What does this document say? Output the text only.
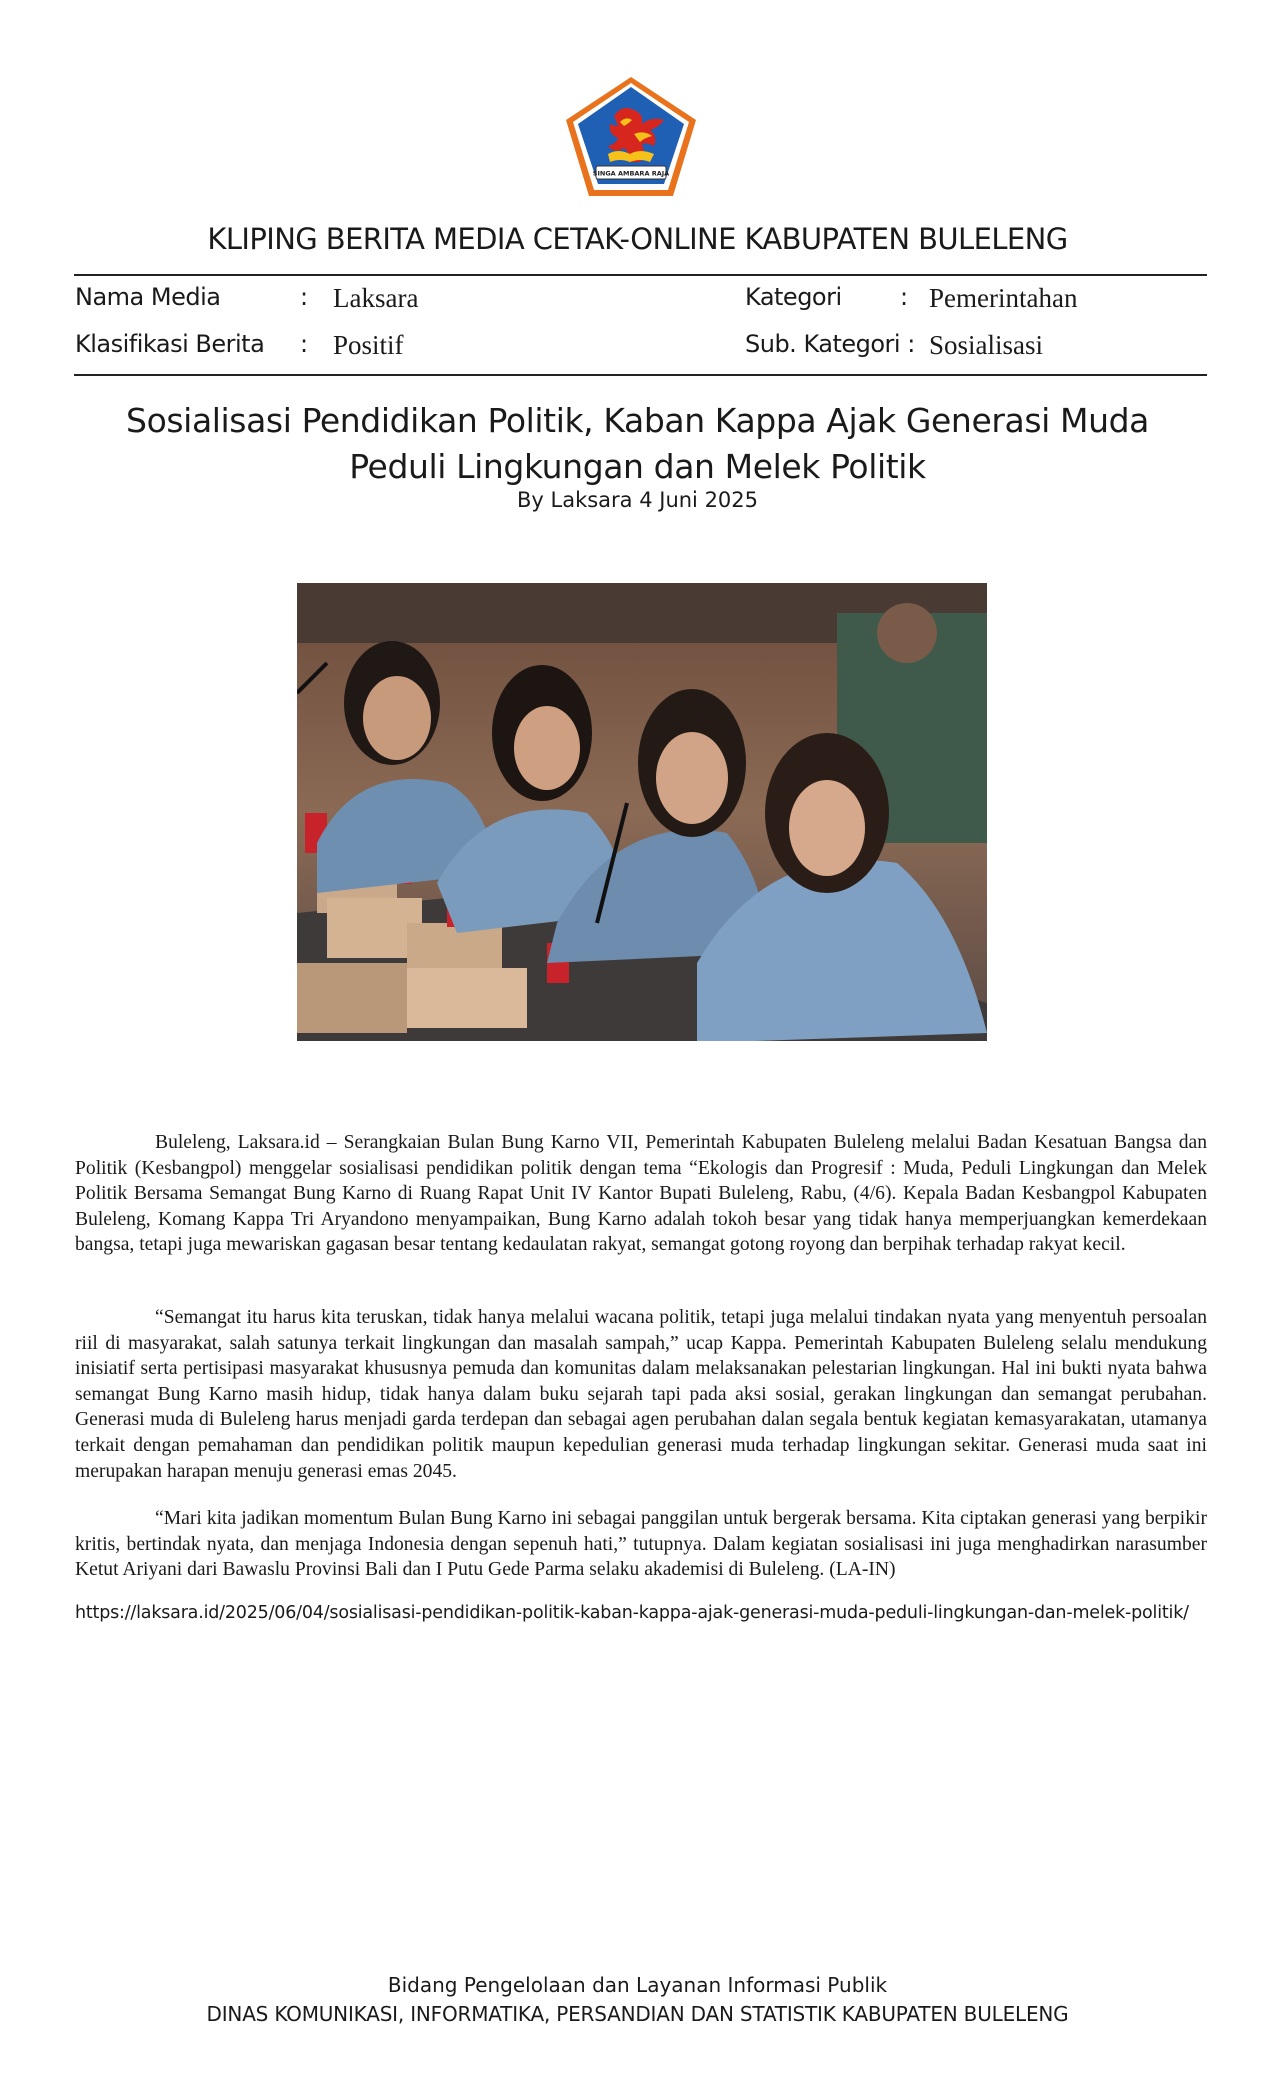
SINGA AMBARA RAJA
KLIPING BERITA MEDIA CETAK-ONLINE KABUPATEN BULELENG
Nama Media	: Laksara	Kategori : Pemerintahan
Klasifikasi Berita : Positif	Sub. Kategori : Sosialisasi
Sosialisasi Pendidikan Politik, Kaban Kappa Ajak Generasi Muda Peduli Lingkungan dan Melek Politik
By Laksara 4 Juni 2025
Buleleng, Laksara.id – Serangkaian Bulan Bung Karno VII, Pemerintah Kabupaten Buleleng melalui Badan Kesatuan Bangsa dan Politik (Kesbangpol) menggelar sosialisasi pendidikan politik dengan tema “Ekologis dan Progresif : Muda, Peduli Lingkungan dan Melek Politik Bersama Semangat Bung Karno di Ruang Rapat Unit IV Kantor Bupati Buleleng, Rabu, (4/6). Kepala Badan Kesbangpol Kabupaten Buleleng, Komang Kappa Tri Aryandono menyampaikan, Bung Karno adalah tokoh besar yang tidak hanya memperjuangkan kemerdekaan bangsa, tetapi juga mewariskan gagasan besar tentang kedaulatan rakyat, semangat gotong royong dan berpihak terhadap rakyat kecil.
“Semangat itu harus kita teruskan, tidak hanya melalui wacana politik, tetapi juga melalui tindakan nyata yang menyentuh persoalan riil di masyarakat, salah satunya terkait lingkungan dan masalah sampah,” ucap Kappa. Pemerintah Kabupaten Buleleng selalu mendukung inisiatif serta pertisipasi masyarakat khususnya pemuda dan komunitas dalam melaksanakan pelestarian lingkungan. Hal ini bukti nyata bahwa semangat Bung Karno masih hidup, tidak hanya dalam buku sejarah tapi pada aksi sosial, gerakan lingkungan dan semangat perubahan. Generasi muda di Buleleng harus menjadi garda terdepan dan sebagai agen perubahan dalan segala bentuk kegiatan kemasyarakatan, utamanya terkait dengan pemahaman dan pendidikan politik maupun kepedulian generasi muda terhadap lingkungan sekitar. Generasi muda saat ini merupakan harapan menuju generasi emas 2045.
“Mari kita jadikan momentum Bulan Bung Karno ini sebagai panggilan untuk bergerak bersama. Kita ciptakan generasi yang berpikir kritis, bertindak nyata, dan menjaga Indonesia dengan sepenuh hati,” tutupnya. Dalam kegiatan sosialisasi ini juga menghadirkan narasumber Ketut Ariyani dari Bawaslu Provinsi Bali dan I Putu Gede Parma selaku akademisi di Buleleng. (LA-IN)
https://laksara.id/2025/06/04/sosialisasi-pendidikan-politik-kaban-kappa-ajak-generasi-muda-peduli-lingkungan-dan-melek-politik/
Bidang Pengelolaan dan Layanan Informasi Publik
DINAS KOMUNIKASI, INFORMATIKA, PERSANDIAN DAN STATISTIK KABUPATEN BULELENG
